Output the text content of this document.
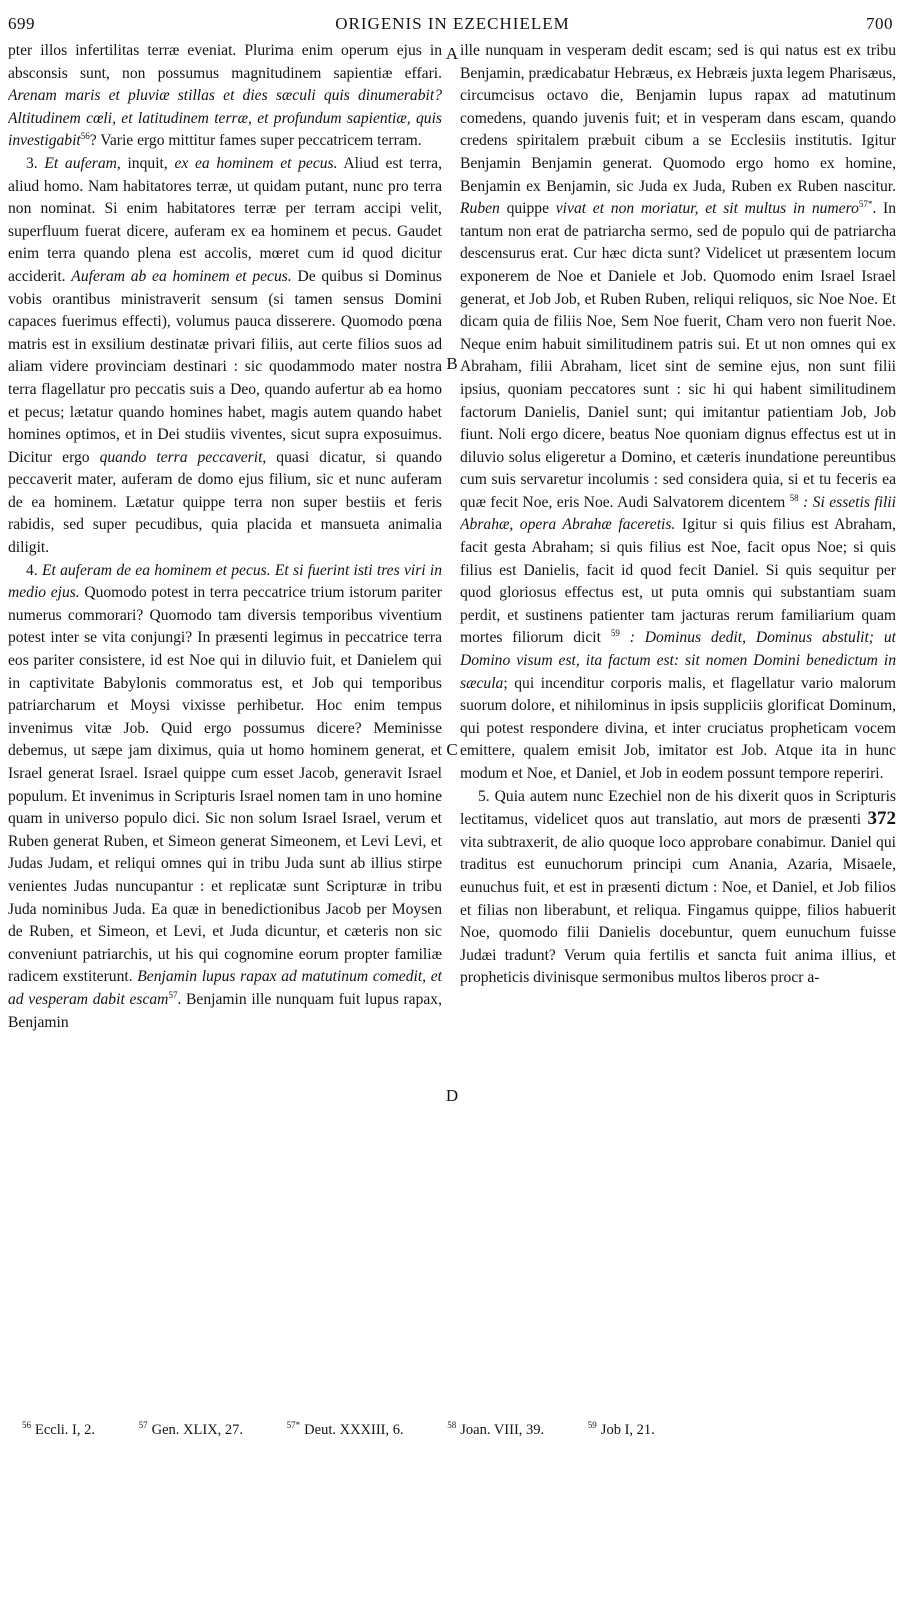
699	ORIGENIS IN EZECHIELEM	700
A
B
C
D

pter illos infertilitas terræ eveniat. Plurima enim operum ejus in absconsis sunt, non possumus magnitudinem sapientiæ effari. Arenam maris et pluviæ stillas et dies sæculi quis dinumerabit? Altitudinem cœli, et latitudinem terræ, et profundum sapientiæ, quis investigabit$^{56}$? Varie ergo mittitur fames super peccatricem terram.

3. Et auferam, inquit, ex ea hominem et pecus. Aliud est terra, aliud homo. Nam habitatores terræ, ut quidam putant, nunc pro terra non nominat. Si enim habitatores terræ per terram accipi velit, superfluum fuerat dicere, auferam ex ea hominem et pecus. Gaudet enim terra quando plena est accolis, mœret cum id quod dicitur acciderit. Auferam ab ea hominem et pecus. De quibus si Dominus vobis orantibus ministraverit sensum (si tamen sensus Domini capaces fuerimus effecti), volumus pauca disserere. Quomodo pœna matris est in exsilium destinatæ privari filiis, aut certe filios suos ad aliam videre provinciam destinari : sic quodammodo mater nostra terra flagellatur pro peccatis suis a Deo, quando aufertur ab ea homo et pecus; lætatur quando homines habet, magis autem quando habet homines optimos, et in Dei studiis viventes, sicut supra exposuimus. Dicitur ergo quando terra peccaverit, quasi dicatur, si quando peccaverit mater, auferam de domo ejus filium, sic et nunc auferam de ea hominem. Lætatur quippe terra non super bestiis et feris rabidis, sed super pecudibus, quia placida et mansueta animalia diligit.

4. Et auferam de ea hominem et pecus. Et si fuerint isti tres viri in medio ejus. Quomodo potest in terra peccatrice trium istorum pariter numerus commorari? Quomodo tam diversis temporibus viventium potest inter se vita conjungi? In præsenti legimus in peccatrice terra eos pariter consistere, id est Noe qui in diluvio fuit, et Danielem qui in captivitate Babylonis commoratus est, et Job qui temporibus patriarcharum et Moysi vixisse perhibetur. Hoc enim tempus invenimus vitæ Job. Quid ergo possumus dicere? Meminisse debemus, ut sæpe jam diximus, quia ut homo hominem generat, et Israel generat Israel. Israel quippe cum esset Jacob, generavit Israel populum. Et invenimus in Scripturis Israel nomen tam in uno homine quam in universo populo dici. Sic non solum Israel Israel, verum et Ruben generat Ruben, et Simeon generat Simeonem, et Levi Levi, et Judas Judam, et reliqui omnes qui in tribu Juda sunt ab illius stirpe venientes Judas nuncupantur : et replicatæ sunt Scripturæ in tribu Juda nominibus Juda. Ea quæ in benedictionibus Jacob per Moysen de Ruben, et Simeon, et Levi, et Juda dicuntur, et cæteris non sic conveniunt patriarchis, ut his qui cognomine eorum propter familiæ radicem exstiterunt. Benjamin lupus rapax ad matutinum comedit, et ad vesperam dabit escam$^{57}$. Benjamin ille nunquam fuit lupus rapax, Benjamin

ille nunquam in vesperam dedit escam; sed is qui natus est ex tribu Benjamin, prædicabatur Hebræus, ex Hebræis juxta legem Pharisæus, circumcisus octavo die, Benjamin lupus rapax ad matutinum comedens, quando juvenis fuit; et in vesperam dans escam, quando credens spiritalem præbuit cibum a se Ecclesiis institutis. Igitur Benjamin Benjamin generat. Quomodo ergo homo ex homine, Benjamin ex Benjamin, sic Juda ex Juda, Ruben ex Ruben nascitur. Ruben quippe vivat et non moriatur, et sit multus in numero$^{57*}$. In tantum non erat de patriarcha sermo, sed de populo qui de patriarcha descensurus erat. Cur hæc dicta sunt? Videlicet ut præsentem locum exponerem de Noe et Daniele et Job. Quomodo enim Israel Israel generat, et Job Job, et Ruben Ruben, reliqui reliquos, sic Noe Noe. Et dicam quia de filiis Noe, Sem Noe fuerit, Cham vero non fuerit Noe. Neque enim habuit similitudinem patris sui. Et ut non omnes qui ex Abraham, filii Abraham, licet sint de semine ejus, non sunt filii ipsius, quoniam peccatores sunt : sic hi qui habent similitudinem factorum Danielis, Daniel sunt; qui imitantur patientiam Job, Job fiunt. Noli ergo dicere, beatus Noe quoniam dignus effectus est ut in diluvio solus eligeretur a Domino, et cæteris inundatione pereuntibus cum suis servaretur incolumis : sed considera quia, si et tu feceris ea quæ fecit Noe, eris Noe. Audi Salvatorem dicentem $^{58}$ : Si essetis filii Abrahæ, opera Abrahæ faceretis. Igitur si quis filius est Abraham, facit gesta Abraham; si quis filius est Noe, facit opus Noe; si quis filius est Danielis, facit id quod fecit Daniel. Si quis sequitur per quod gloriosus effectus est, ut puta omnis qui substantiam suam perdit, et sustinens patienter tam jacturas rerum familiarium quam mortes filiorum dicit $^{59}$ : Dominus dedit, Dominus abstulit; ut Domino visum est, ita factum est: sit nomen Domini benedictum in sæcula; qui incenditur corporis malis, et flagellatur vario malorum suorum dolore, et nihilominus in ipsis suppliciis glorificat Dominum, qui potest respondere divina, et inter cruciatus propheticam vocem emittere, qualem emisit Job, imitator est Job. Atque ita in hunc modum et Noe, et Daniel, et Job in eodem possunt tempore reperiri.

5. Quia autem nunc Ezechiel non de his dixerit quos in Scripturis lectitamus, videlicet quos aut translatio, aut mors de præsenti 372 vita subtraxerit, de alio quoque loco approbare conabimur. Daniel qui traditus est eunuchorum principi cum Anania, Azaria, Misaele, eunuchus fuit, et est in præsenti dictum : Noe, et Daniel, et Job filios et filias non liberabunt, et reliqua. Fingamus quippe, filios habuerit Noe, quomodo filii Danielis docebuntur, quem eunuchum fuisse Judæi tradunt? Verum quia fertilis et sancta fuit anima illius, et propheticis divinisque sermonibus multos liberos procr a-

$^{56}$ Eccli. I, 2.	$^{57}$ Gen. XLIX, 27.	$^{57*}$ Deut. XXXIII, 6.	$^{58}$ Joan. VIII, 39.	$^{59}$ Job I, 21.
